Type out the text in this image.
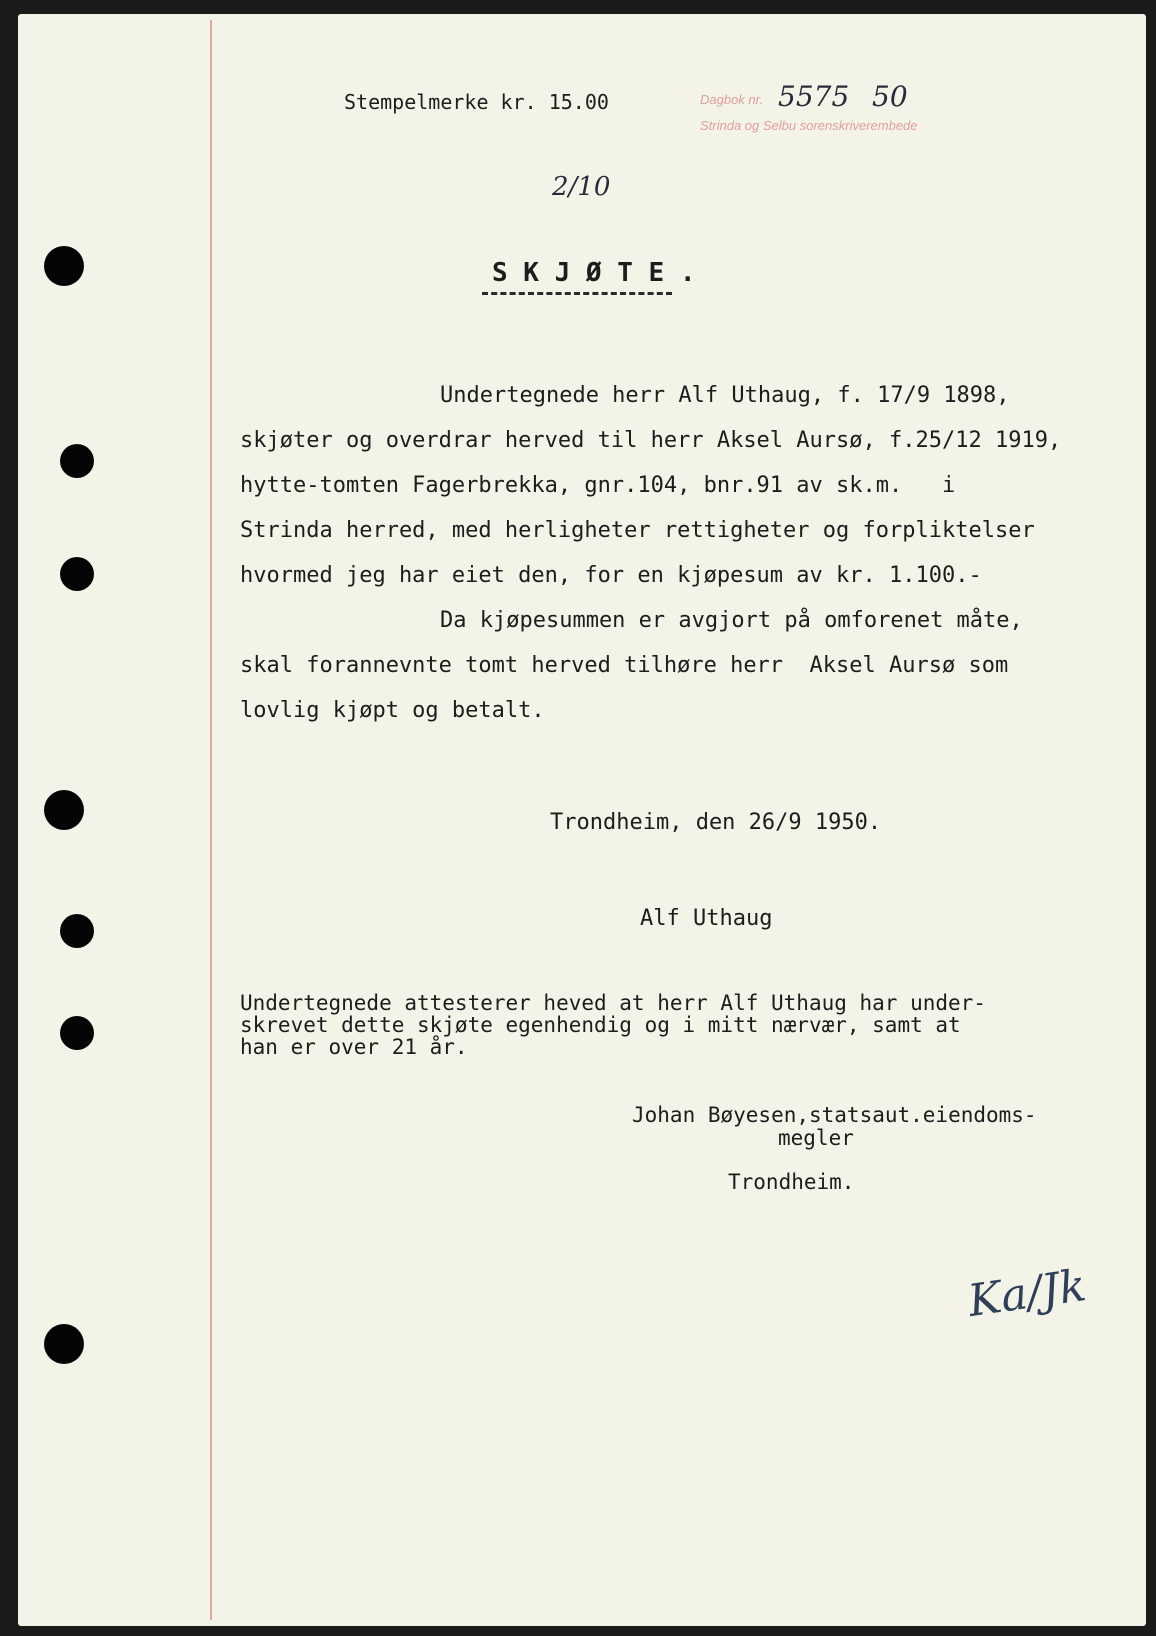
Stempelmerke kr. 15.00	Dagbok nr. 5575 50
Strinda og Selbu sorenskriverembede
2/10
S K J Ø T E .
Undertegnede herr Alf Uthaug, f. 17/9 1898,
skjøter og overdrar herved til herr Aksel Aursø, f.25/12 1919,
hytte-tomten Fagerbrekka, gnr.104, bnr.91 av sk.m.   i
Strinda herred, med herligheter rettigheter og forpliktelser
hvormed jeg har eiet den, for en kjøpesum av kr. 1.100.-
Da kjøpesummen er avgjort på omforenet måte,
skal forannevnte tomt herved tilhøre herr  Aksel Aursø som
lovlig kjøpt og betalt.
Trondheim, den 26/9 1950.
Alf Uthaug
Undertegnede attesterer heved at herr Alf Uthaug har under-
skrevet dette skjøte egenhendig og i mitt nærvær, samt at
han er over 21 år.
Johan Bøyesen,statsaut.eiendoms-
megler
Trondheim.
Ka/Jk
